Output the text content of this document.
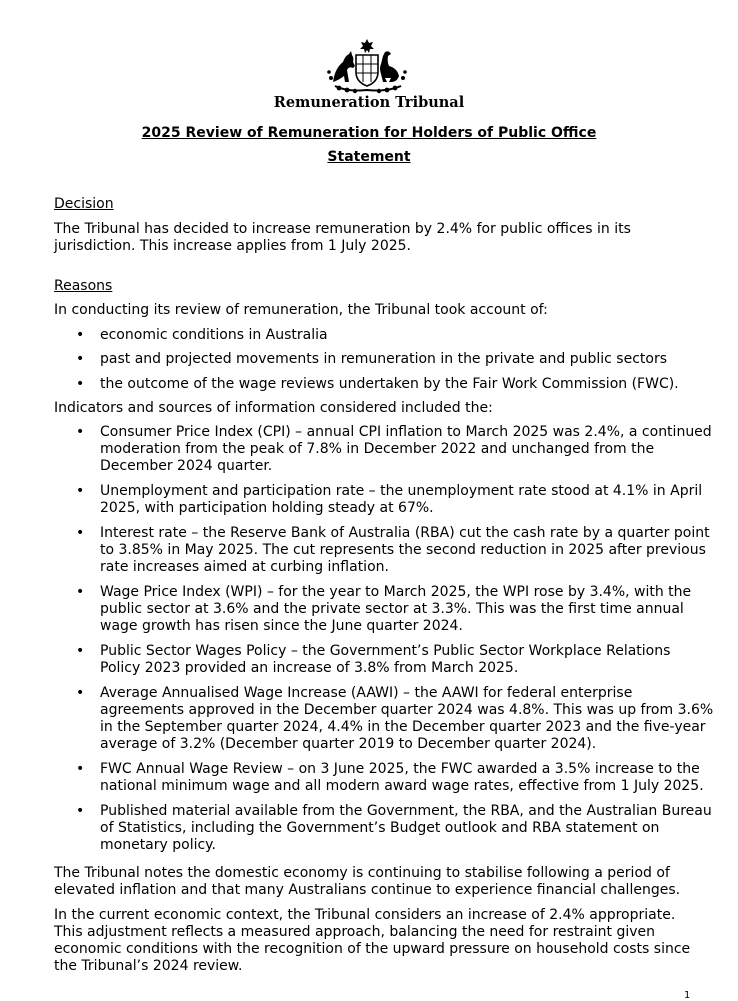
Remuneration Tribunal
2025 Review of Remuneration for Holders of Public Office
Statement
Decision
The Tribunal has decided to increase remuneration by 2.4% for public offices in its jurisdiction. This increase applies from 1 July 2025.
Reasons
In conducting its review of remuneration, the Tribunal took account of:
• economic conditions in Australia
• past and projected movements in remuneration in the private and public sectors
• the outcome of the wage reviews undertaken by the Fair Work Commission (FWC).
Indicators and sources of information considered included the:
• Consumer Price Index (CPI) – annual CPI inflation to March 2025 was 2.4%, a continued moderation from the peak of 7.8% in December 2022 and unchanged from the December 2024 quarter.
• Unemployment and participation rate – the unemployment rate stood at 4.1% in April 2025, with participation holding steady at 67%.
• Interest rate – the Reserve Bank of Australia (RBA) cut the cash rate by a quarter point to 3.85% in May 2025. The cut represents the second reduction in 2025 after previous rate increases aimed at curbing inflation.
• Wage Price Index (WPI) – for the year to March 2025, the WPI rose by 3.4%, with the public sector at 3.6% and the private sector at 3.3%. This was the first time annual wage growth has risen since the June quarter 2024.
• Public Sector Wages Policy – the Government’s Public Sector Workplace Relations Policy 2023 provided an increase of 3.8% from March 2025.
• Average Annualised Wage Increase (AAWI) – the AAWI for federal enterprise agreements approved in the December quarter 2024 was 4.8%. This was up from 3.6% in the September quarter 2024, 4.4% in the December quarter 2023 and the five-year average of 3.2% (December quarter 2019 to December quarter 2024).
• FWC Annual Wage Review – on 3 June 2025, the FWC awarded a 3.5% increase to the national minimum wage and all modern award wage rates, effective from 1 July 2025.
• Published material available from the Government, the RBA, and the Australian Bureau of Statistics, including the Government’s Budget outlook and RBA statement on monetary policy.
The Tribunal notes the domestic economy is continuing to stabilise following a period of elevated inflation and that many Australians continue to experience financial challenges.
In the current economic context, the Tribunal considers an increase of 2.4% appropriate. This adjustment reflects a measured approach, balancing the need for restraint given economic conditions with the recognition of the upward pressure on household costs since the Tribunal’s 2024 review.
1
